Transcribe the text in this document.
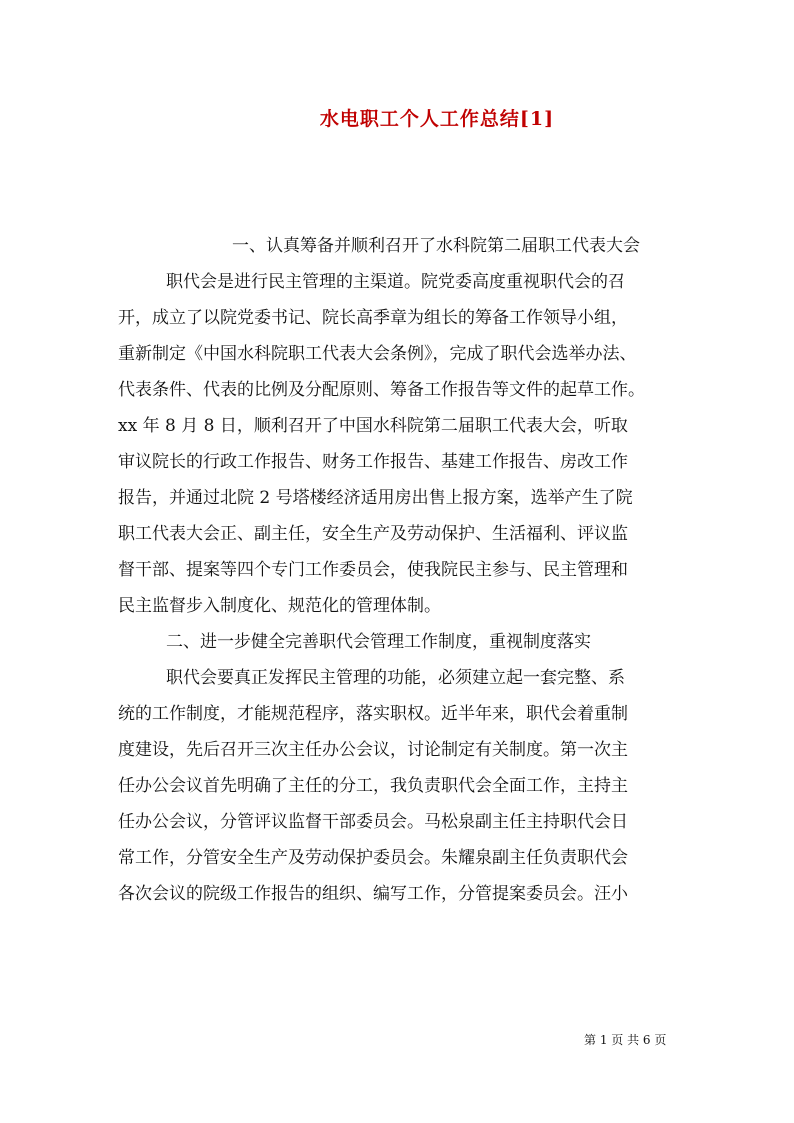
水电职工个人工作总结[1]
一、认真筹备并顺利召开了水科院第二届职工代表大会
职代会是进行民主管理的主渠道。院党委高度重视职代会的召
开，成立了以院党委书记、院长高季章为组长的筹备工作领导小组，
重新制定《中国水科院职工代表大会条例》，完成了职代会选举办法、
代表条件、代表的比例及分配原则、筹备工作报告等文件的起草工作。
xx 年 8 月 8 日，顺利召开了中国水科院第二届职工代表大会，听取
审议院长的行政工作报告、财务工作报告、基建工作报告、房改工作
报告，并通过北院 2 号塔楼经济适用房出售上报方案，选举产生了院
职工代表大会正、副主任，安全生产及劳动保护、生活福利、评议监
督干部、提案等四个专门工作委员会，使我院民主参与、民主管理和
民主监督步入制度化、规范化的管理体制。
二、进一步健全完善职代会管理工作制度，重视制度落实
职代会要真正发挥民主管理的功能，必须建立起一套完整、系
统的工作制度，才能规范程序，落实职权。近半年来，职代会着重制
度建设，先后召开三次主任办公会议，讨论制定有关制度。第一次主
任办公会议首先明确了主任的分工，我负责职代会全面工作，主持主
任办公会议，分管评议监督干部委员会。马松泉副主任主持职代会日
常工作，分管安全生产及劳动保护委员会。朱耀泉副主任负责职代会
各次会议的院级工作报告的组织、编写工作，分管提案委员会。汪小
第 1 页 共 6 页
